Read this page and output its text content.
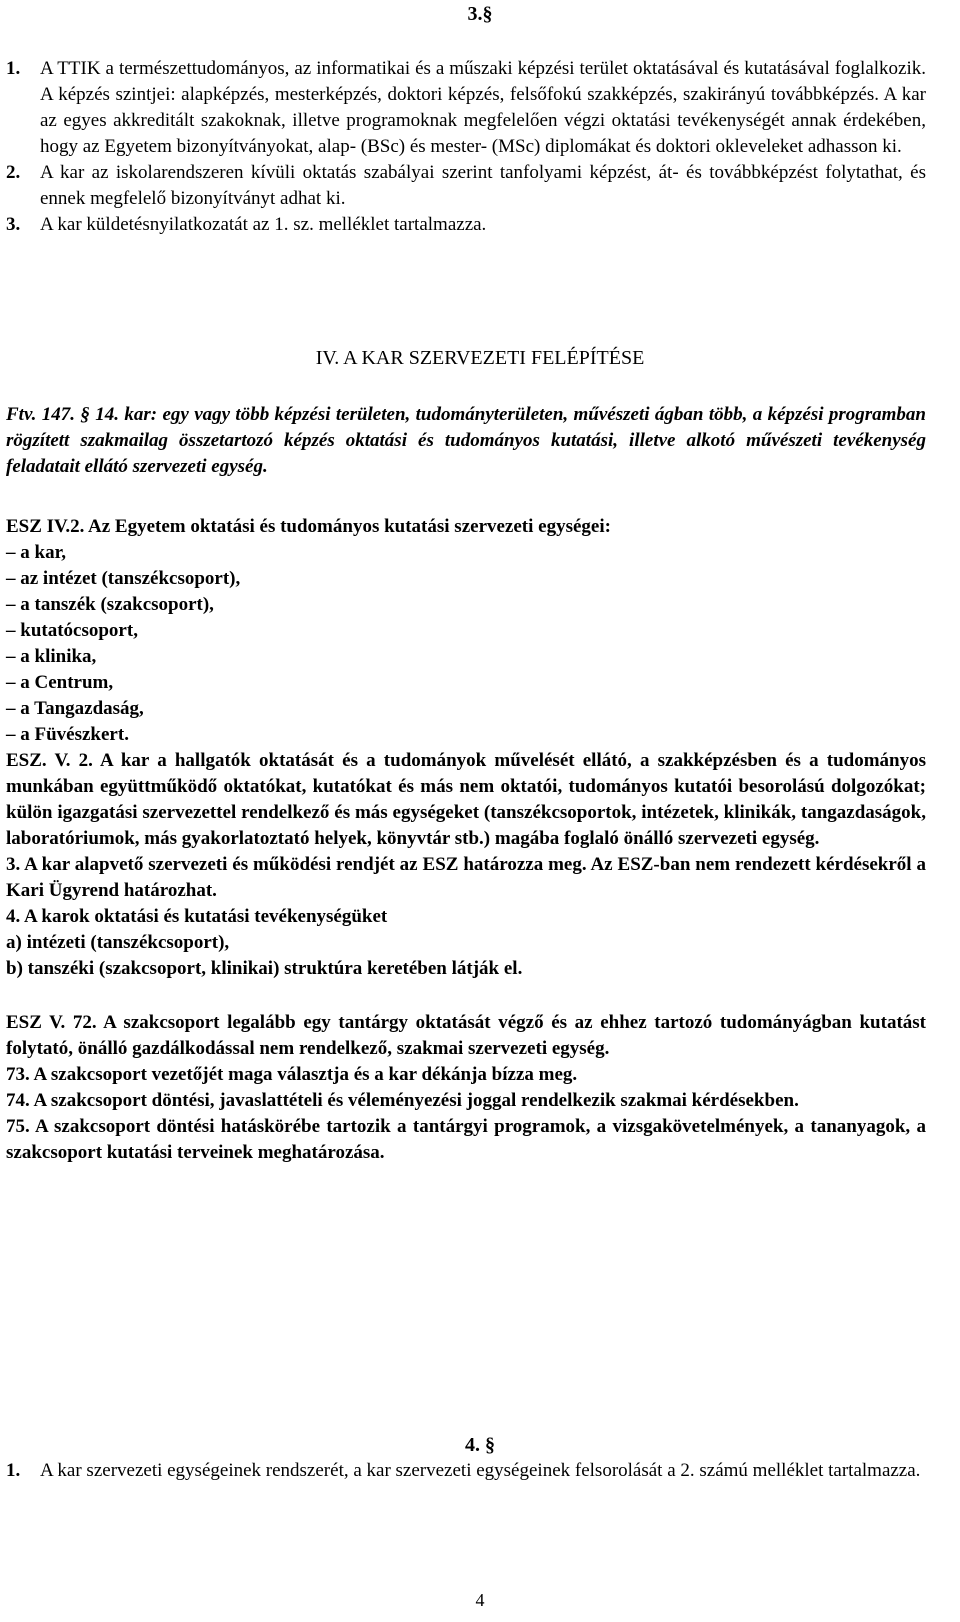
3.§
1. A TTIK a természettudományos, az informatikai és a műszaki képzési terület oktatásával és kutatásával foglalkozik. A képzés szintjei: alapképzés, mesterképzés, doktori képzés, felsőfokú szakképzés, szakirányú továbbképzés. A kar az egyes akkreditált szakoknak, illetve programoknak megfelelően végzi oktatási tevékenységét annak érdekében, hogy az Egyetem bizonyítványokat, alap- (BSc) és mester- (MSc) diplomákat és doktori okleveleket adhasson ki.
2. A kar az iskolarendszeren kívüli oktatás szabályai szerint tanfolyami képzést, át- és továbbképzést folytathat, és ennek megfelelő bizonyítványt adhat ki.
3. A kar küldetésnyilatkozatát az 1. sz. melléklet tartalmazza.
IV. A KAR SZERVEZETI FELÉPÍTÉSE
Ftv. 147. § 14. kar: egy vagy több képzési területen, tudományterületen, művészeti ágban több, a képzési programban rögzített szakmailag összetartozó képzés oktatási és tudományos kutatási, illetve alkotó művészeti tevékenység feladatait ellátó szervezeti egység.

ESZ IV.2. Az Egyetem oktatási és tudományos kutatási szervezeti egységei:

– a kar,

– az intézet (tanszékcsoport),

– a tanszék (szakcsoport),

– kutatócsoport,

– a klinika,

– a Centrum,

– a Tangazdaság,

– a Füvészkert.

ESZ. V. 2. A kar a hallgatók oktatását és a tudományok művelését ellátó, a szakképzésben és a tudományos munkában együttműködő oktatókat, kutatókat és más nem oktatói, tudományos kutatói besorolású dolgozókat; külön igazgatási szervezettel rendelkező és más egységeket (tanszékcsoportok, intézetek, klinikák, tangazdaságok, laboratóriumok, más gyakorlatoztató helyek, könyvtár stb.) magába foglaló önálló szervezeti egység.

3. A kar alapvető szervezeti és működési rendjét az ESZ határozza meg. Az ESZ-ban nem rendezett kérdésekről a Kari Ügyrend határozhat.

4. A karok oktatási és kutatási tevékenységüket

a) intézeti (tanszékcsoport),

b) tanszéki (szakcsoport, klinikai) struktúra keretében látják el.

ESZ V. 72. A szakcsoport legalább egy tantárgy oktatását végző és az ehhez tartozó tudományágban kutatást folytató, önálló gazdálkodással nem rendelkező, szakmai szervezeti egység.

73. A szakcsoport vezetőjét maga választja és a kar dékánja bízza meg.

74. A szakcsoport döntési, javaslattételi és véleményezési joggal rendelkezik szakmai kérdésekben.

75. A szakcsoport döntési hatáskörébe tartozik a tantárgyi programok, a vizsgakövetelmények, a tananyagok, a szakcsoport kutatási terveinek meghatározása.

4. §
1. A kar szervezeti egységeinek rendszerét, a kar szervezeti egységeinek felsorolását a 2. számú melléklet tartalmazza.
4
